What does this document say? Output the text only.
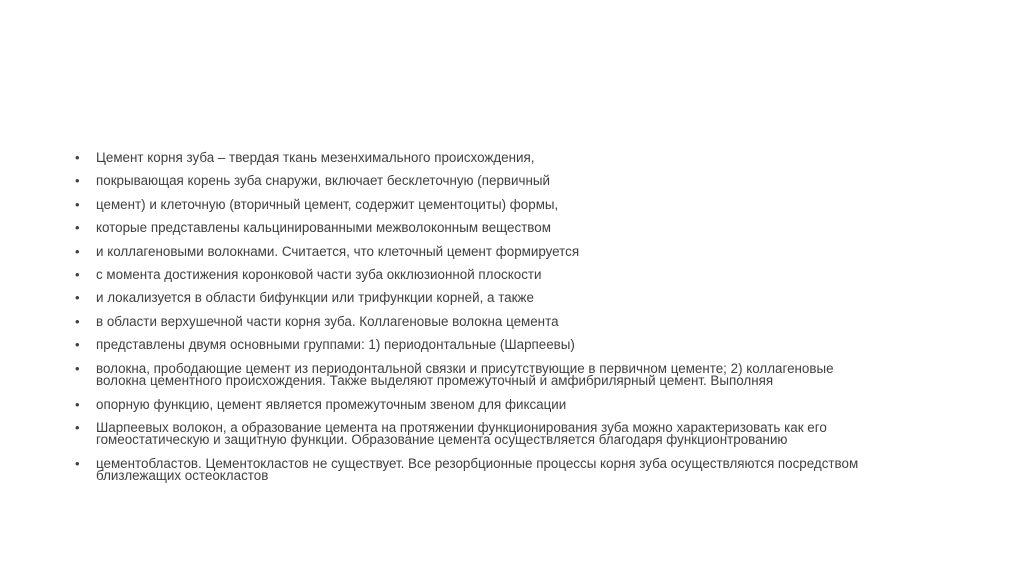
• Цемент корня зуба – твердая ткань мезенхимального происхождения,
• покрывающая корень зуба снаружи, включает бесклеточную (первичный
• цемент) и клеточную (вторичный цемент, содержит цементоциты) формы,
• которые представлены кальцинированными межволоконным веществом
• и коллагеновыми волокнами. Считается, что клеточный цемент формируется
• с момента достижения коронковой части зуба окклюзионной плоскости
• и локализуется в области бифункции или трифункции корней, а также
• в области верхушечной части корня зуба. Коллагеновые волокна цемента
• представлены двумя основными группами: 1) периодонтальные (Шарпеевы)
• волокна, прободающие цемент из периодонтальной связки и присутствующие в первичном цементе; 2) коллагеновые
волокна цементного происхождения. Также выделяют промежуточный и амфибрилярный цемент. Выполняя
• опорную функцию, цемент является промежуточным звеном для фиксации
• Шарпеевых волокон, а образование цемента на протяжении функционирования зуба можно характеризовать как его
гомеостатическую и защитную функции. Образование цемента осуществляется благодаря функционтрованию
• цементобластов. Цементокластов не существует. Все резорбционные процессы корня зуба осуществляются посредством
близлежащих остеокластов
